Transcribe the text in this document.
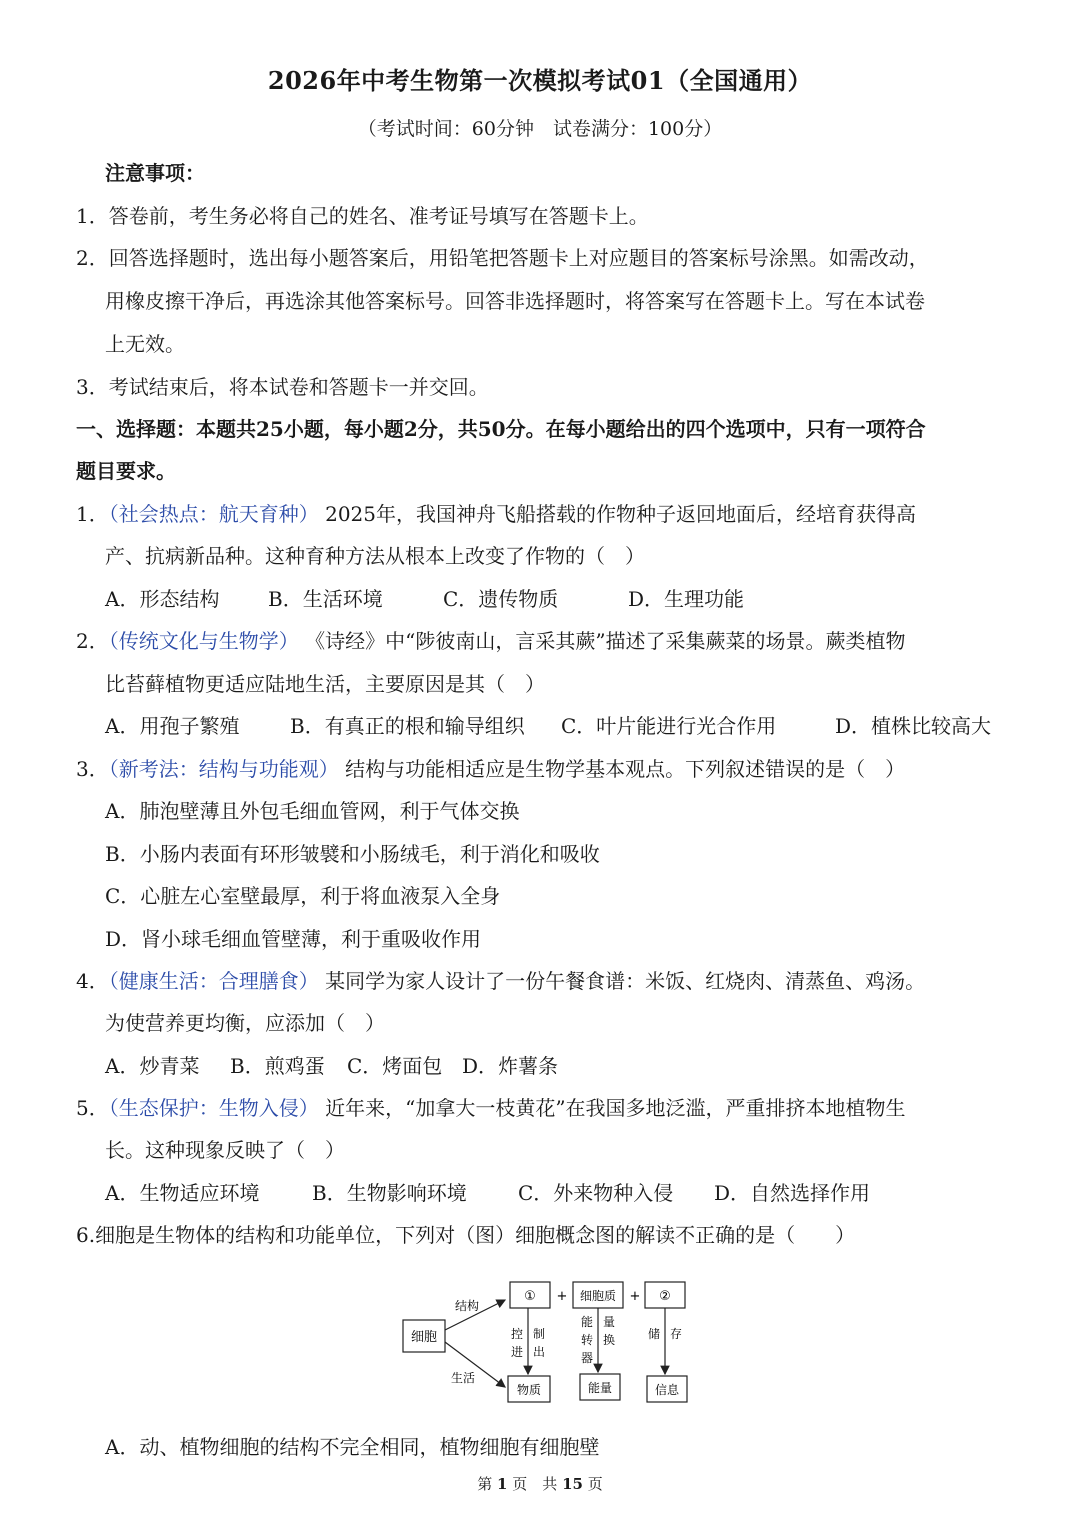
2026年中考生物第一次模拟考试01（全国通用）
（考试时间：60分钟　试卷满分：100分）
注意事项：
1．答卷前，考生务必将自己的姓名、准考证号填写在答题卡上。
2．回答选择题时，选出每小题答案后，用铅笔把答题卡上对应题目的答案标号涂黑。如需改动，
用橡皮擦干净后，再选涂其他答案标号。回答非选择题时，将答案写在答题卡上。写在本试卷
上无效。
3．考试结束后，将本试卷和答题卡一并交回。
一、选择题：本题共25小题，每小题2分，共50分。在每小题给出的四个选项中，只有一项符合
题目要求。
1．（社会热点：航天育种） 2025年，我国神舟飞船搭载的作物种子返回地面后，经培育获得高
产、抗病新品种。这种育种方法从根本上改变了作物的（　）
A．形态结构 B．生活环境	C．遗传物质	D．生理功能
2．（传统文化与生物学） 《诗经》中“陟彼南山，言采其蕨”描述了采集蕨菜的场景。蕨类植物
比苔藓植物更适应陆地生活，主要原因是其（　）
A．用孢子繁殖	B．有真正的根和输导组织 C．叶片能进行光合作用	D．植株比较高大
3．（新考法：结构与功能观） 结构与功能相适应是生物学基本观点。下列叙述错误的是（　）
A．肺泡壁薄且外包毛细血管网，利于气体交换
B．小肠内表面有环形皱襞和小肠绒毛，利于消化和吸收
C．心脏左心室壁最厚，利于将血液泵入全身
D．肾小球毛细血管壁薄，利于重吸收作用
4．（健康生活：合理膳食） 某同学为家人设计了一份午餐食谱：米饭、红烧肉、清蒸鱼、鸡汤。
为使营养更均衡，应添加（　）
A．炒青菜 B．煎鸡蛋 C．烤面包 D．炸薯条
5．（生态保护：生物入侵） 近年来，“加拿大一枝黄花”在我国多地泛滥，严重排挤本地植物生
长。这种现象反映了（　）
A．生物适应环境	B．生物影响环境	C．外来物种入侵 D．自然选择作用
6.细胞是生物体的结构和功能单位，下列对（图）细胞概念图的解读不正确的是（　　）
细胞
结构
生活
① + 细胞质 + ②
控
进
制
出
能
转
器
量
换	储 存
物质	能量	信息
A．动、植物细胞的结构不完全相同，植物细胞有细胞壁
第 1 页　共 15 页
